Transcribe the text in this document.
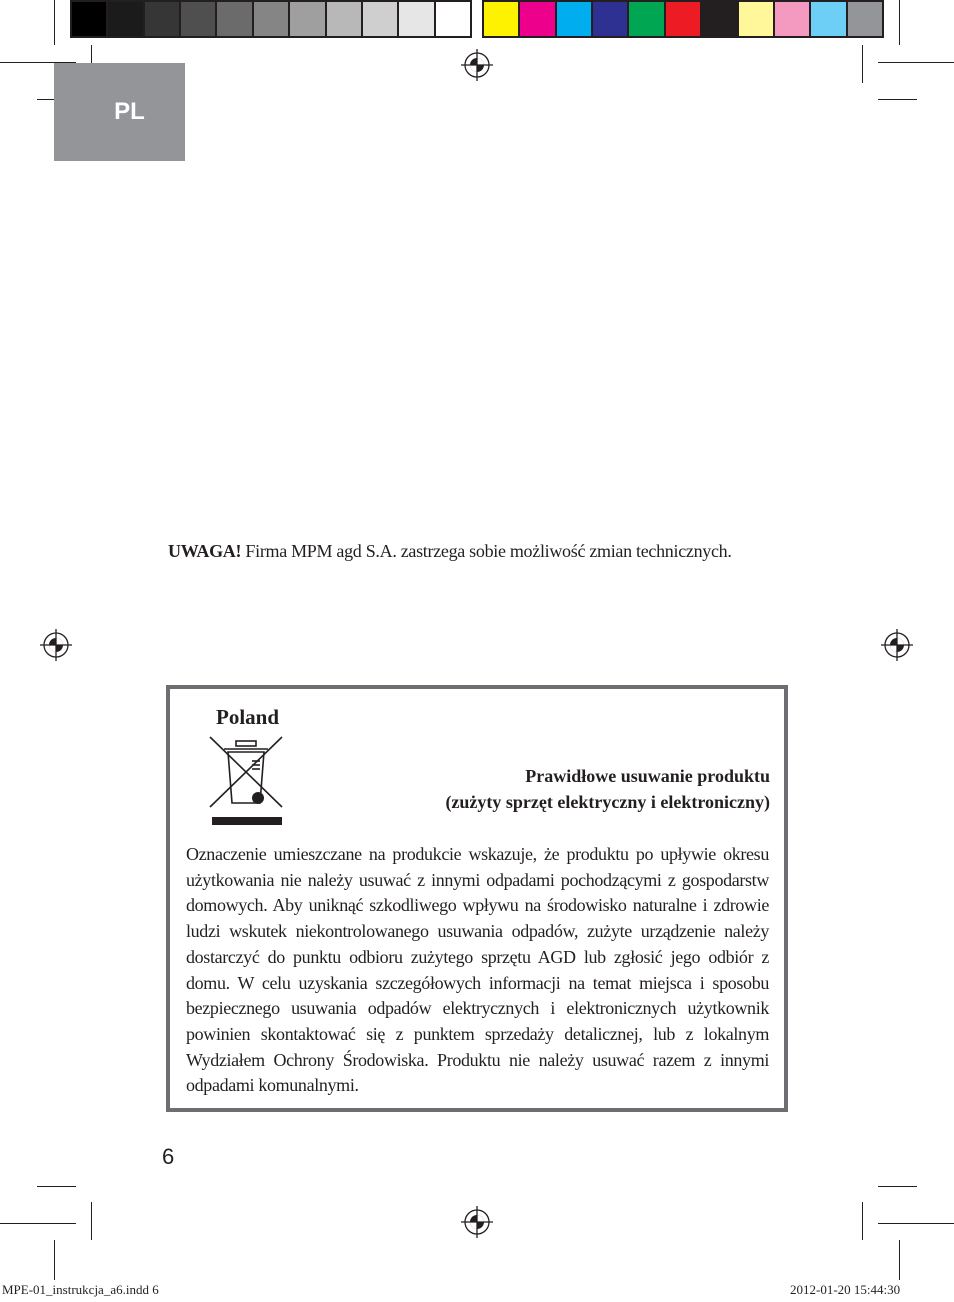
PL
UWAGA! Firma MPM agd S.A. zastrzega sobie możliwość zmian technicznych.
Poland
Prawidłowe usuwanie produktu
(zużyty sprzęt elektryczny i elektroniczny)
Oznaczenie umieszczane na produkcie wskazuje, że produktu po upływie okresu użytkowania nie należy usuwać z innymi odpadami pochodzącymi z gospodarstw domowych. Aby uniknąć szkodliwego wpływu na środowisko naturalne i zdrowie ludzi wskutek niekontrolowanego usuwania odpadów, zużyte urządzenie należy dostarczyć do punktu odbioru zużytego sprzętu AGD lub zgłosić jego odbiór z domu. W celu uzyskania szczegółowych informacji na temat miejsca i sposobu bezpiecznego usuwania odpadów elektrycznych i elektronicznych użytkownik powinien skontaktować się z punktem sprzedaży detalicznej, lub z lokalnym Wydziałem Ochrony Środowiska. Produktu nie należy usuwać razem z innymi odpadami komunalnymi.
6
MPE-01_instrukcja_a6.indd 6	2012-01-20 15:44:30
